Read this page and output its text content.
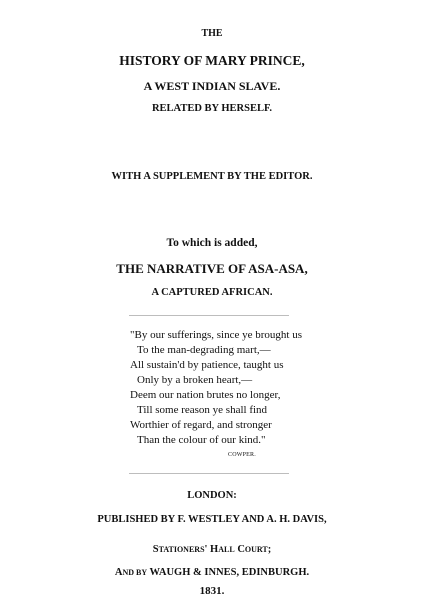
THE
HISTORY OF MARY PRINCE,
A WEST INDIAN SLAVE.
RELATED BY HERSELF.
WITH A SUPPLEMENT BY THE EDITOR.
To which is added,
THE NARRATIVE OF ASA-ASA,
A CAPTURED AFRICAN.
"By our sufferings, since ye brought us
To the man-degrading mart,—
All sustain'd by patience, taught us
Only by a broken heart,—
Deem our nation brutes no longer,
Till some reason ye shall find
Worthier of regard, and stronger
Than the colour of our kind."
COWPER.
LONDON:
PUBLISHED BY F. WESTLEY AND A. H. DAVIS,
STATIONERS' HALL COURT;
AND BY WAUGH & INNES, EDINBURGH.
1831.
